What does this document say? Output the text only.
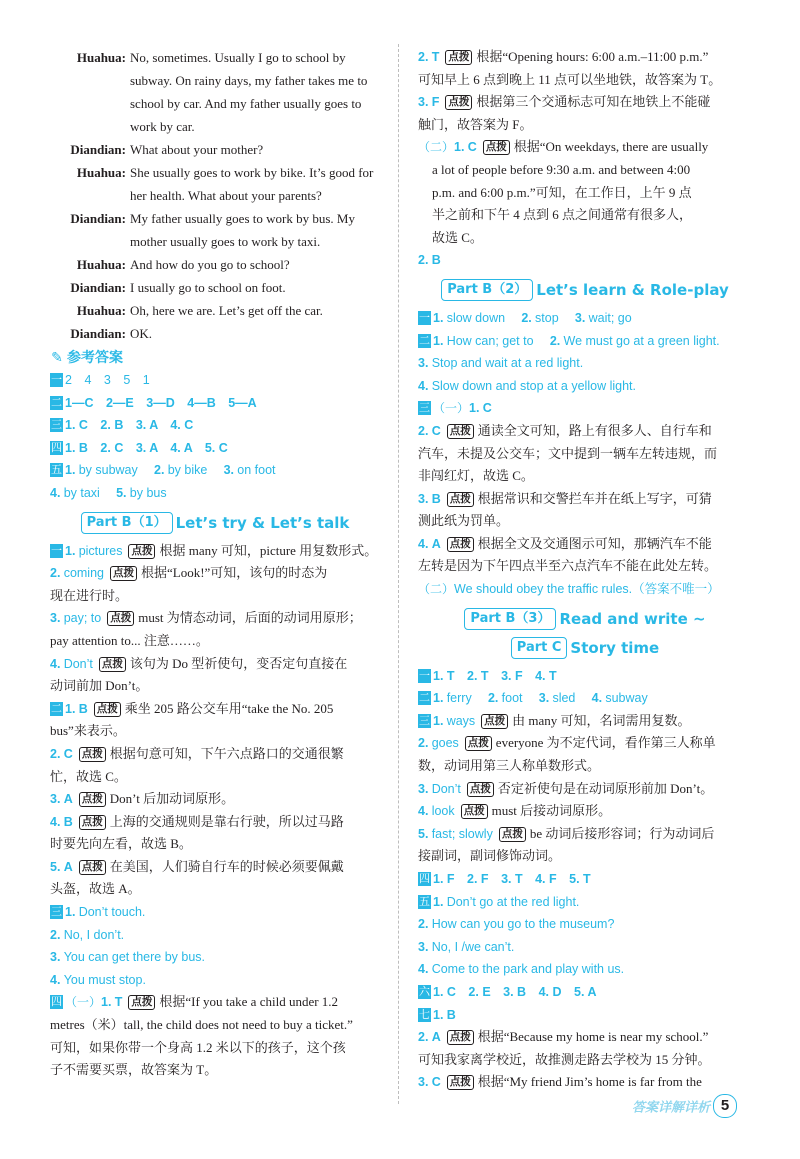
Huahua: No, sometimes. Usually I go to school by
subway. On rainy days, my father takes me to
school by car. And my father usually goes to
work by car.
Diandian: What about your mother?
Huahua: She usually goes to work by bike. It’s good for
her health. What about your parents?
Diandian: My father usually goes to work by bus. My
mother usually goes to work by taxi.
Huahua: And how do you go to school?
Diandian: I usually go to school on foot.
Huahua: Oh, here we are. Let’s get off the car.
Diandian: OK.
✎ 参考答案
一 2　4　3　5　1
二 1—C　2—E　3—D　4—B　5—A
三 1. C　2. B　3. A　4. C
四 1. B　2. C　3. A　4. A　5. C
五 1. by subway　 2. by bike　 3. on foot
4. by taxi　 5. by bus
Part B（1） Let’s try & Let’s talk
一 1. pictures 点拨 根据 many 可知，picture 用复数形式。
2. coming 点拨 根据“Look!”可知，该句的时态为
现在进行时。
3. pay; to 点拨 must 为情态动词，后面的动词用原形；
pay attention to... 注意……。
4. Don’t 点拨 该句为 Do 型祈使句，变否定句直接在
动词前加 Don’t。
二 1. B 点拨 乘坐 205 路公交车用“take the No. 205
bus”来表示。
2. C 点拨 根据句意可知，下午六点路口的交通很繁
忙，故选 C。
3. A 点拨 Don’t 后加动词原形。
4. B 点拨 上海的交通规则是靠右行驶，所以过马路
时要先向左看，故选 B。
5. A 点拨 在美国，人们骑自行车的时候必须要佩戴
头盔，故选 A。
三 1. Don’t touch.
2. No, I don’t.
3. You can get there by bus.
4. You must stop.
四 （一）1. T 点拨 根据“If you take a child under 1.2
metres（米）tall, the child does not need to buy a ticket.”
可知，如果你带一个身高 1.2 米以下的孩子，这个孩
子不需要买票，故答案为 T。
2. T 点拨 根据“Opening hours: 6:00 a.m.–11:00 p.m.”
可知早上 6 点到晚上 11 点可以坐地铁，故答案为 T。
3. F 点拨 根据第三个交通标志可知在地铁上不能碰
触门，故答案为 F。
（二）1. C 点拨 根据“On weekdays, there are usually
a lot of people before 9:30 a.m. and between 4:00
p.m. and 6:00 p.m.”可知，在工作日，上午 9 点
半之前和下午 4 点到 6 点之间通常有很多人，
故选 C。
2. B
Part B（2） Let’s learn & Role-play
一 1. slow down　 2. stop　 3. wait; go
二 1. How can; get to　 2. We must go at a green light.
3. Stop and wait at a red light.
4. Slow down and stop at a yellow light.
三 （一）1. C
2. C 点拨 通读全文可知，路上有很多人、自行车和
汽车，未提及公交车；文中提到一辆车左转违规，而
非闯红灯，故选 C。
3. B 点拨 根据常识和交警拦车并在纸上写字，可猜
测此纸为罚单。
4. A 点拨 根据全文及交通图示可知，那辆汽车不能
左转是因为下午四点半至六点汽车不能在此处左转。
（二）We should obey the traffic rules.（答案不唯一）
Part B（3） Read and write ~
Part C Story time
一 1. T　2. T　3. F　4. T
二 1. ferry　 2. foot　 3. sled　 4. subway
三 1. ways 点拨 由 many 可知，名词需用复数。
2. goes 点拨 everyone 为不定代词，看作第三人称单
数，动词用第三人称单数形式。
3. Don’t 点拨 否定祈使句是在动词原形前加 Don’t。
4. look 点拨 must 后接动词原形。
5. fast; slowly 点拨 be 动词后接形容词；行为动词后
接副词，副词修饰动词。
四 1. F　2. F　3. T　4. F　5. T
五 1. Don’t go at the red light.
2. How can you go to the museum?
3. No, I /we can’t.
4. Come to the park and play with us.
六 1. C　2. E　3. B　4. D　5. A
七 1. B
2. A 点拨 根据“Because my home is near my school.”
可知我家离学校近，故推测走路去学校为 15 分钟。
3. C 点拨 根据“My friend Jim’s home is far from the
答案详解详析 5
